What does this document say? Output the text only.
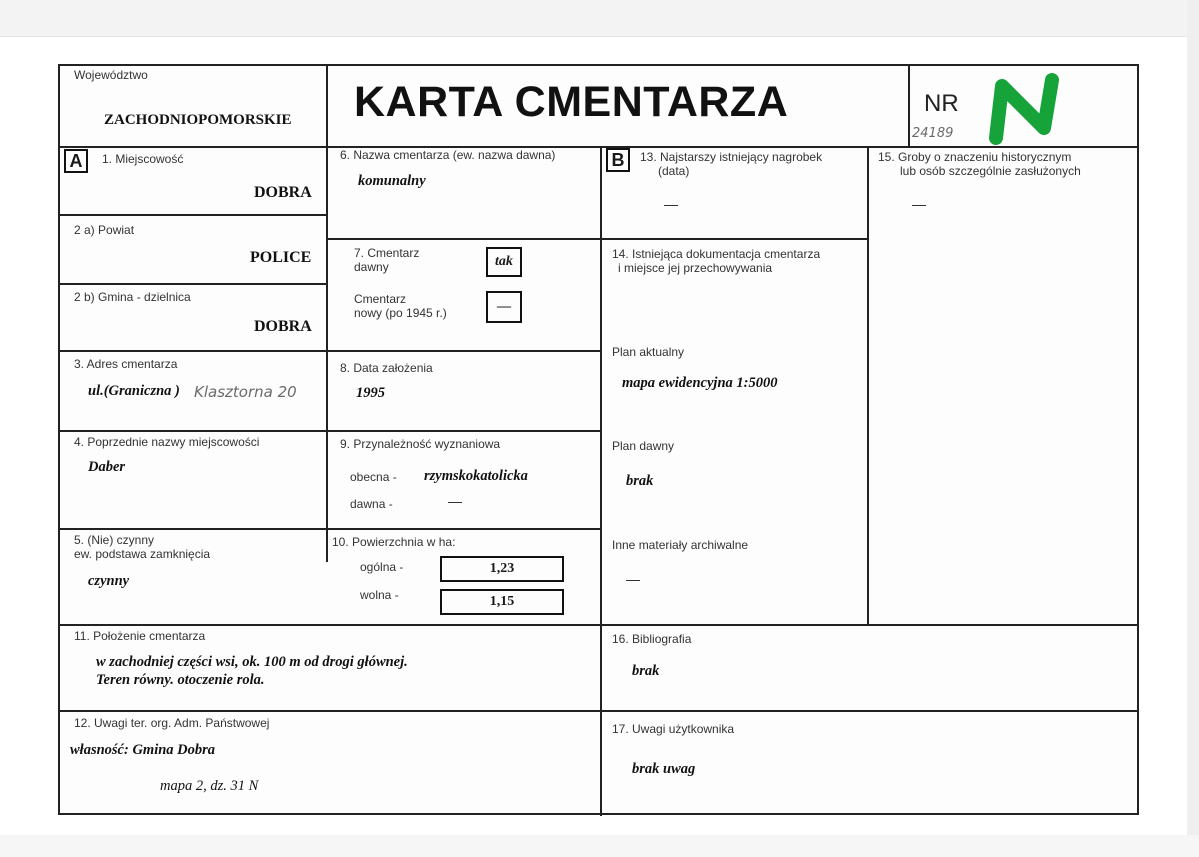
Województwo
ZACHODNIOPOMORSKIE KARTA CMENTARZA	NR
24189
A	1. Miejscowość
DOBRA
2 a) Powiat
POLICE
2 b) Gmina - dzielnica
DOBRA
3. Adres cmentarza
ul.(Graniczna ) Klasztorna 20
4. Poprzednie nazwy miejscowości
Daber
5. (Nie) czynny
ew. podstawa zamknięcia
czynny
6. Nazwa cmentarza (ew. nazwa dawna)
komunalny
7. Cmentarz
dawny	tak
Cmentarz
nowy (po 1945 r.)	—
8. Data założenia
1995
9. Przynależność wyznaniowa
obecna - rzymskokatolicka
dawna -	—
10. Powierzchnia w ha:
ogólna -	1,23
wolna -	1,15
B	13. Najstarszy istniejący nagrobek
(data)
—
14. Istniejąca dokumentacja cmentarza
i miejsce jej przechowywania
Plan aktualny
mapa ewidencyjna 1:5000
Plan dawny
brak
Inne materiały archiwalne
—
15. Groby o znaczeniu historycznym
lub osób szczególnie zasłużonych
—
11. Położenie cmentarza
w zachodniej części wsi, ok. 100 m od drogi głównej.
Teren równy. otoczenie rola.
16. Bibliografia
brak
12. Uwagi ter. org. Adm. Państwowej
własność: Gmina Dobra
mapa 2, dz. 31 N
17. Uwagi użytkownika
brak uwag
